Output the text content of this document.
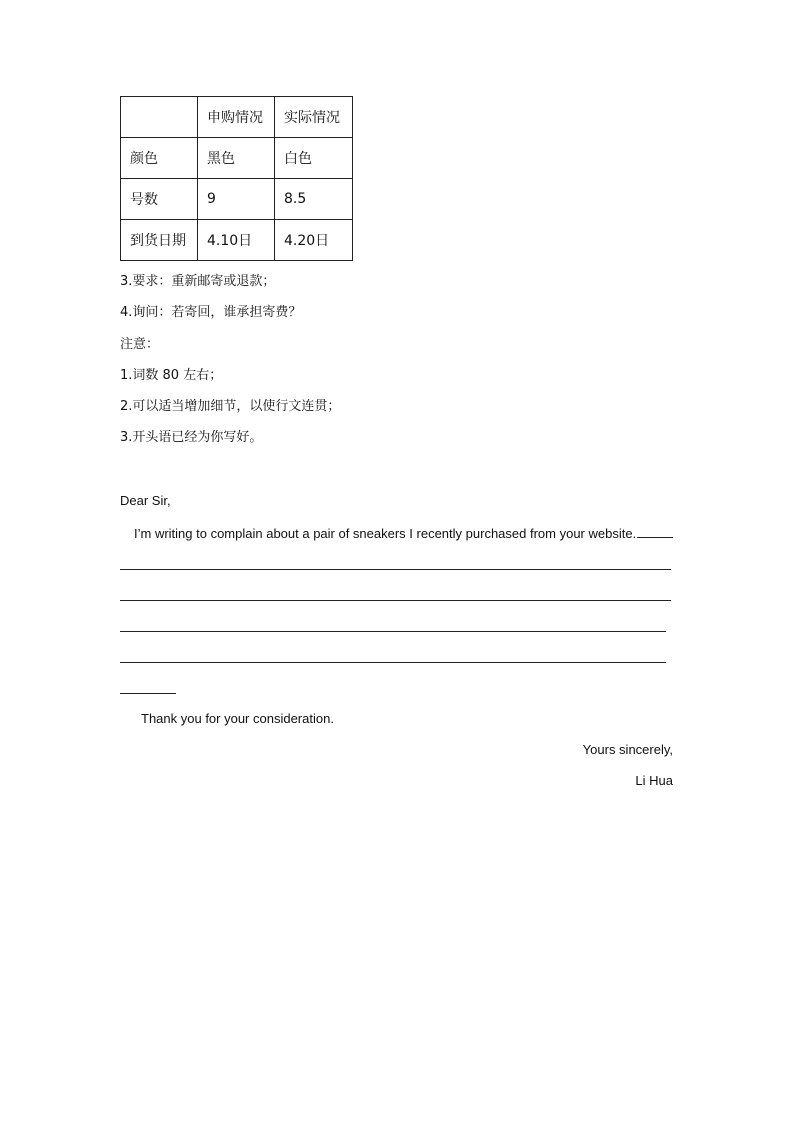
	申购情况	实际情况
颜色	黑色	白色
号数	9	8.5
到货日期	4.10日	4.20日
3.要求：重新邮寄或退款；
4.询问：若寄回，谁承担寄费？
注意：
1.词数 80 左右；
2.可以适当增加细节，以使行文连贯；
3.开头语已经为你写好。
Dear Sir,
I’m writing to complain about a pair of sneakers I recently purchased from your website.
Thank you for your consideration.
Yours sincerely,
Li Hua
